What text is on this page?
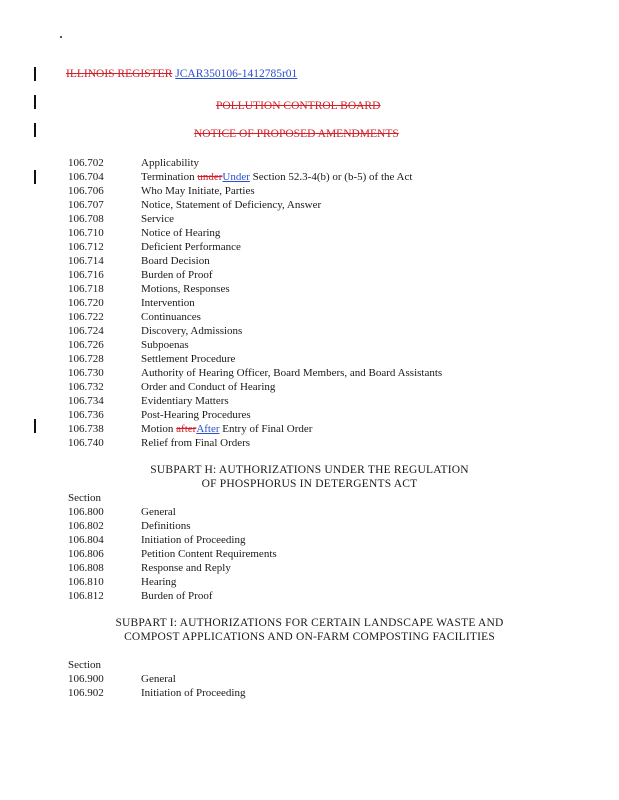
ILLINOIS REGISTER JCAR350106-1412785r01
POLLUTION CONTROL BOARD
NOTICE OF PROPOSED AMENDMENTS
106.702	Applicability
106.704	Termination underUnder Section 52.3-4(b) or (b-5) of the Act
106.706	Who May Initiate, Parties
106.707	Notice, Statement of Deficiency, Answer
106.708	Service
106.710	Notice of Hearing
106.712	Deficient Performance
106.714	Board Decision
106.716	Burden of Proof
106.718	Motions, Responses
106.720	Intervention
106.722	Continuances
106.724	Discovery, Admissions
106.726	Subpoenas
106.728	Settlement Procedure
106.730	Authority of Hearing Officer, Board Members, and Board Assistants
106.732	Order and Conduct of Hearing
106.734	Evidentiary Matters
106.736	Post-Hearing Procedures
106.738	Motion afterAfter Entry of Final Order
106.740	Relief from Final Orders
SUBPART H: AUTHORIZATIONS UNDER THE REGULATION
OF PHOSPHORUS IN DETERGENTS ACT
Section
106.800	General
106.802	Definitions
106.804	Initiation of Proceeding
106.806	Petition Content Requirements
106.808	Response and Reply
106.810	Hearing
106.812	Burden of Proof
SUBPART I: AUTHORIZATIONS FOR CERTAIN LANDSCAPE WASTE AND
COMPOST APPLICATIONS AND ON-FARM COMPOSTING FACILITIES
Section
106.900	General
106.902	Initiation of Proceeding
